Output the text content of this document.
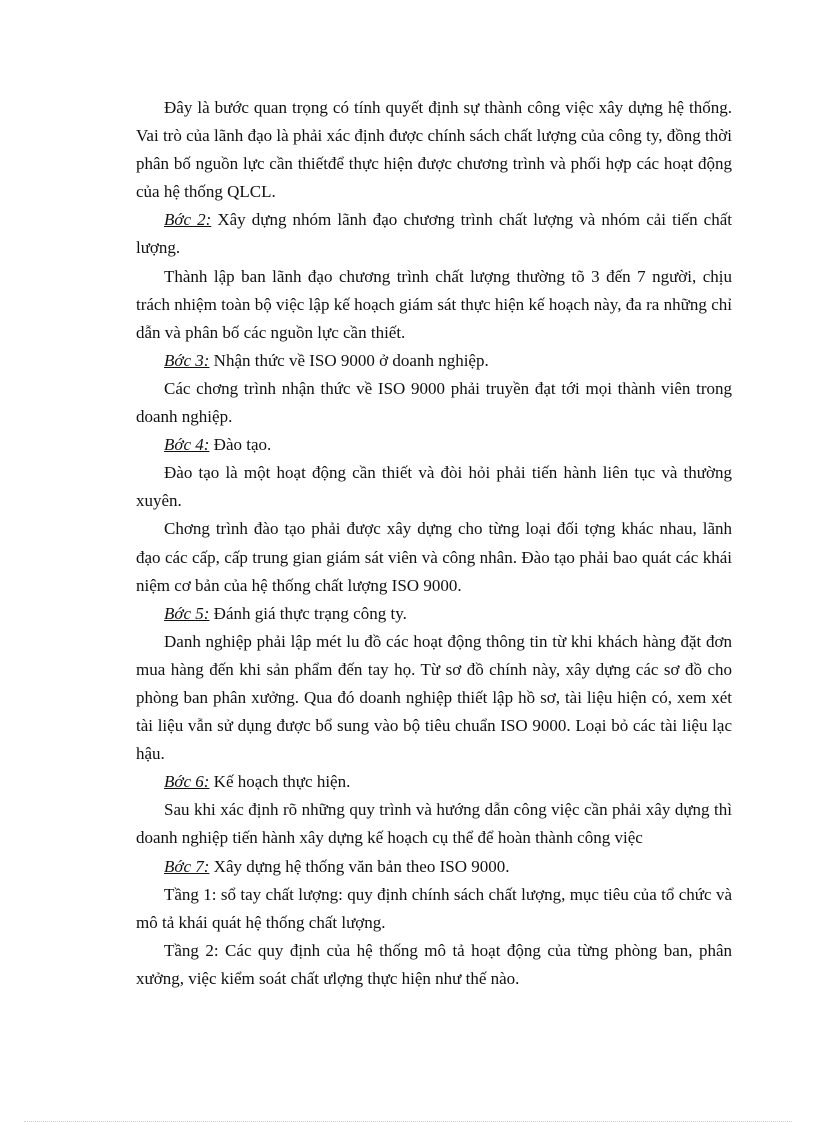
Đây là bước quan trọng có tính quyết định sự thành công việc xây dựng hệ thống. Vai trò của lãnh đạo là phải xác định được chính sách chất lượng của công ty, đồng thời phân bố nguồn lực cần thiếtđể thực hiện được chương trình và phối hợp các hoạt động của hệ thống QLCL.

Bớc 2: Xây dựng nhóm lãnh đạo chương trình chất lượng và nhóm cải tiến chất lượng.

Thành lập ban lãnh đạo chương trình chất lượng thường tõ 3 đến 7 người, chịu trách nhiệm toàn bộ việc lập kế hoạch giám sát thực hiện kế hoạch này, đa ra những chỉ dẫn và phân bố các nguồn lực cần thiết.

Bớc 3: Nhận thức về ISO 9000 ở doanh nghiệp.

Các chơng trình nhận thức về ISO 9000 phải truyền đạt tới mọi thành viên trong doanh nghiệp.

Bớc 4: Đào tạo.

Đào tạo là một hoạt động cần thiết và đòi hỏi phải tiến hành liên tục và thường xuyên.

Chơng trình đào tạo phải được xây dựng cho từng loại đối tợng khác nhau, lãnh đạo các cấp, cấp trung gian giám sát viên và công nhân. Đào tạo phải bao quát các khái niệm cơ bản của hệ thống chất lượng ISO 9000.

Bớc 5: Đánh giá thực trạng công ty.

Danh nghiệp phải lập mét lu đồ các hoạt động thông tin từ khi khách hàng đặt đơn mua hàng đến khi sản phẩm đến tay họ. Từ sơ đồ chính này, xây dựng các sơ đồ cho phòng ban phân xưởng. Qua đó doanh nghiệp thiết lập hồ sơ, tài liệu hiện có, xem xét tài liệu vẫn sử dụng được bổ sung vào bộ tiêu chuẩn ISO 9000. Loại bỏ các tài liệu lạc hậu.

Bớc 6: Kế hoạch thực hiện.

Sau khi xác định rõ những quy trình và hướng dẫn công việc cần phải xây dựng thì doanh nghiệp tiến hành xây dựng kế hoạch cụ thể để hoàn thành công việc

Bớc 7: Xây dựng hệ thống văn bản theo ISO 9000.

Tầng 1: sổ tay chất lượng: quy định chính sách chất lượng, mục tiêu của tổ chức và mô tả khái quát hệ thống chất lượng.

Tầng 2: Các quy định của hệ thống mô tả hoạt động của từng phòng ban, phân xưởng, việc kiểm soát chất ưlợng thực hiện như thế nào.
